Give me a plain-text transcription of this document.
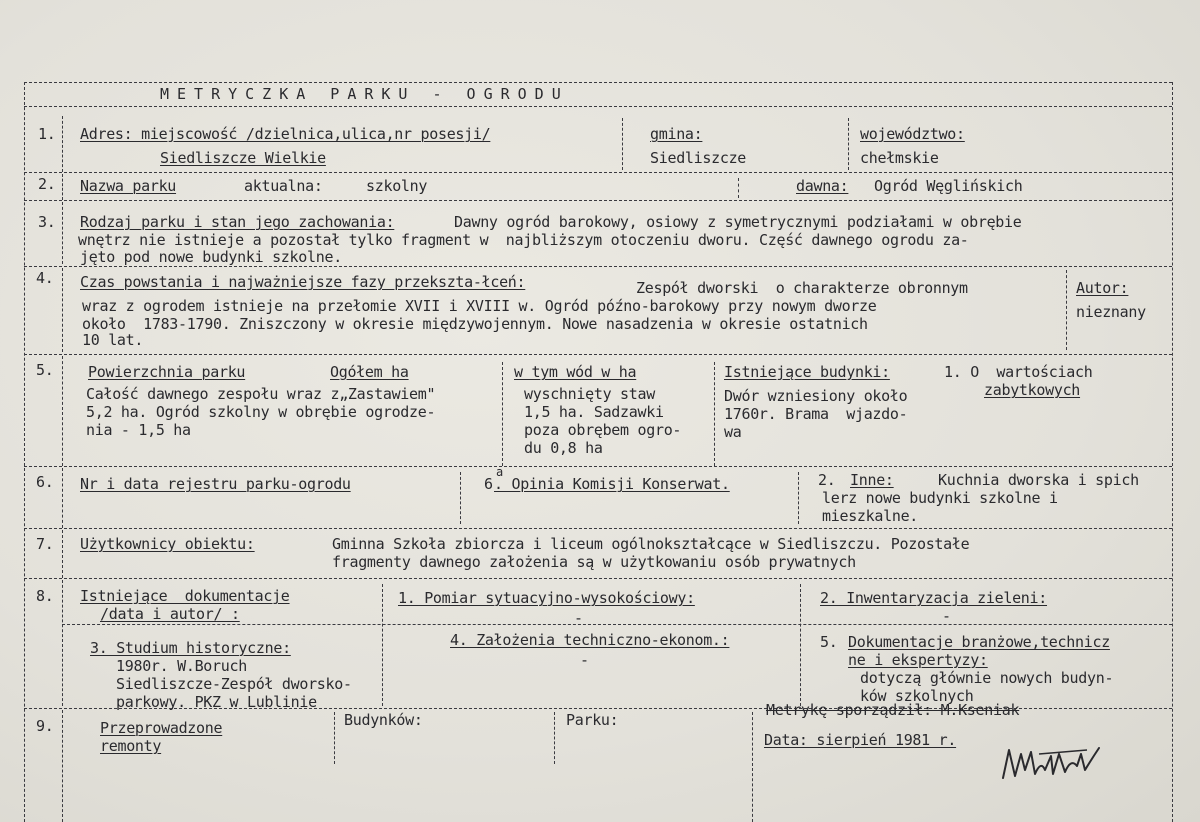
METRYCZKA PARKU - OGRODU
1. Adres: miejscowość /dzielnica,ulica,nr posesji/
Siedliszcze Wielkie
gmina:
Siedliszcze
województwo:
chełmskie
2. Nazwa parku	aktualna:	szkolny	dawna: Ogród Węglińskich
3. Rodzaj parku i stan jego zachowania:	Dawny ogród barokowy, osiowy z symetrycznymi podziałami w obrębie
wnętrz nie istnieje a pozostał tylko fragment w  najbliższym otoczeniu dworu. Część dawnego ogrodu za-
jęto pod nowe budynki szkolne.
4. Czas powstania i najważniejsze fazy przekszta-łceń:	Zespół dworski  o charakterze obronnym
wraz z ogrodem istnieje na przełomie XVII i XVIII w. Ogród późno-barokowy przy nowym dworze
około  1783-1790. Zniszczony w okresie międzywojennym. Nowe nasadzenia w okresie ostatnich
10 lat.
Autor:
nieznany
5. Powierzchnia parku	Ogółem ha
Całość dawnego zespołu wraz z„Zastawiem"
5,2 ha. Ogród szkolny w obrębie ogrodze-
nia - 1,5 ha
w tym wód w ha
wyschnięty staw
1,5 ha. Sadzawki
poza obrębem ogro-
du 0,8 ha
Istniejące budynki:	1. O  wartościach
zabytkowych
Dwór wzniesiony około
1760r. Brama  wjazdo-
wa
6. Nr i data rejestru parku-ogrodu	6
a
. Opinia Komisji Konserwat.	2. Inne:	Kuchnia dworska i spich
lerz nowe budynki szkolne i
mieszkalne.
7. Użytkownicy obiektu:	Gminna Szkoła zbiorcza i liceum ogólnokształcące w Siedliszczu. Pozostałe
fragmenty dawnego założenia są w użytkowaniu osób prywatnych
8. Istniejące  dokumentacje
/data i autor/ :
1. Pomiar sytuacyjno-wysokościowy:
-
2. Inwentaryzacja zieleni:
-
3. Studium historyczne:
1980r. W.Boruch
Siedliszcze-Zespół dworsko-
parkowy. PKZ w Lublinie
4. Założenia techniczno-ekonom.:
-
5. Dokumentacje branżowe,technicz
ne i ekspertyzy:
dotyczą głównie nowych budyn-
ków szkolnych
9.	Przeprowadzone
remonty
Budynków:	Parku:
Metrykę sporządził: M.Kseniak
Data: sierpień 1981 r.
